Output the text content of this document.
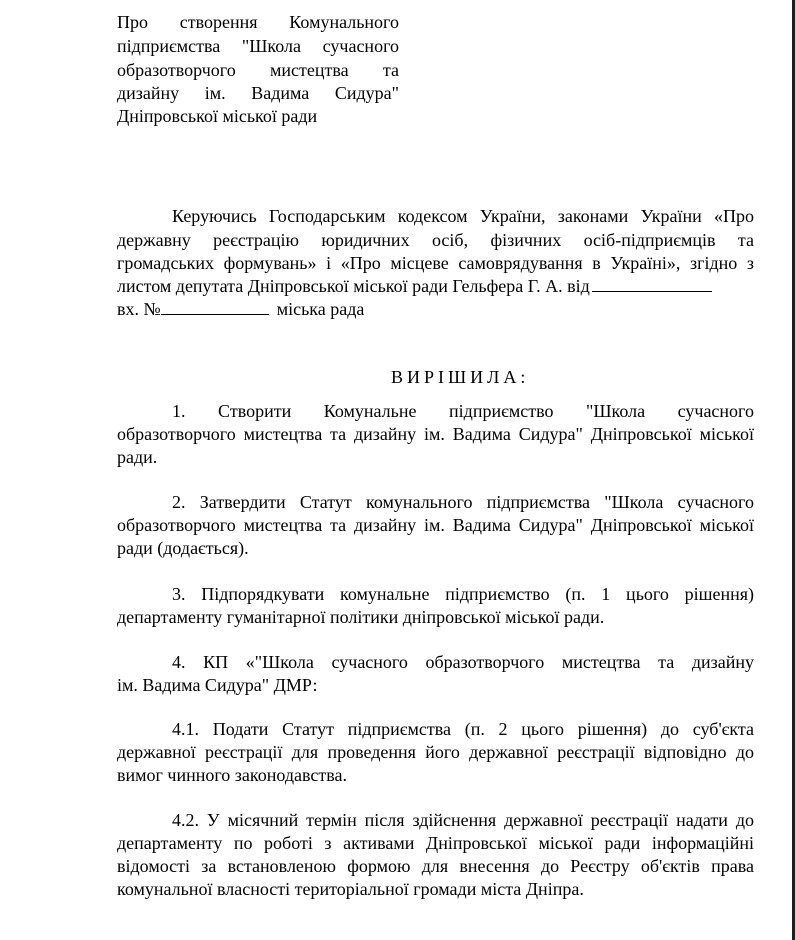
Про створення Комунального
підприємства "Школа сучасного
образотворчого мистецтва та
дизайну ім. Вадима Сидура"
Дніпровської міської ради
Керуючись Господарським кодексом України, законами України «Про
державну реєстрацію юридичних осіб, фізичних осіб-підприємців та
громадських формувань» і «Про місцеве самоврядування в Україні», згідно з
листом депутата Дніпровської міської ради Гельфера Г. А. від
вх. №	міська рада
ВИРІШИЛА:
1. Створити Комунальне підприємство "Школа сучасного
образотворчого мистецтва та дизайну ім. Вадима Сидура" Дніпровської міської
ради.
2. Затвердити Статут комунального підприємства "Школа сучасного
образотворчого мистецтва та дизайну ім. Вадима Сидура" Дніпровської міської
ради (додається).
3. Підпорядкувати комунальне підприємство (п. 1 цього рішення)
департаменту гуманітарної політики дніпровської міської ради.
4. КП «"Школа сучасного образотворчого мистецтва та дизайну
ім. Вадима Сидура" ДМР:
4.1. Подати Статут підприємства (п. 2 цього рішення) до суб'єкта
державної реєстрації для проведення його державної реєстрації відповідно до
вимог чинного законодавства.
4.2. У місячний термін після здійснення державної реєстрації надати до
департаменту по роботі з активами Дніпровської міської ради інформаційні
відомості за встановленою формою для внесення до Реєстру об'єктів права
комунальної власності територіальної громади міста Дніпра.
